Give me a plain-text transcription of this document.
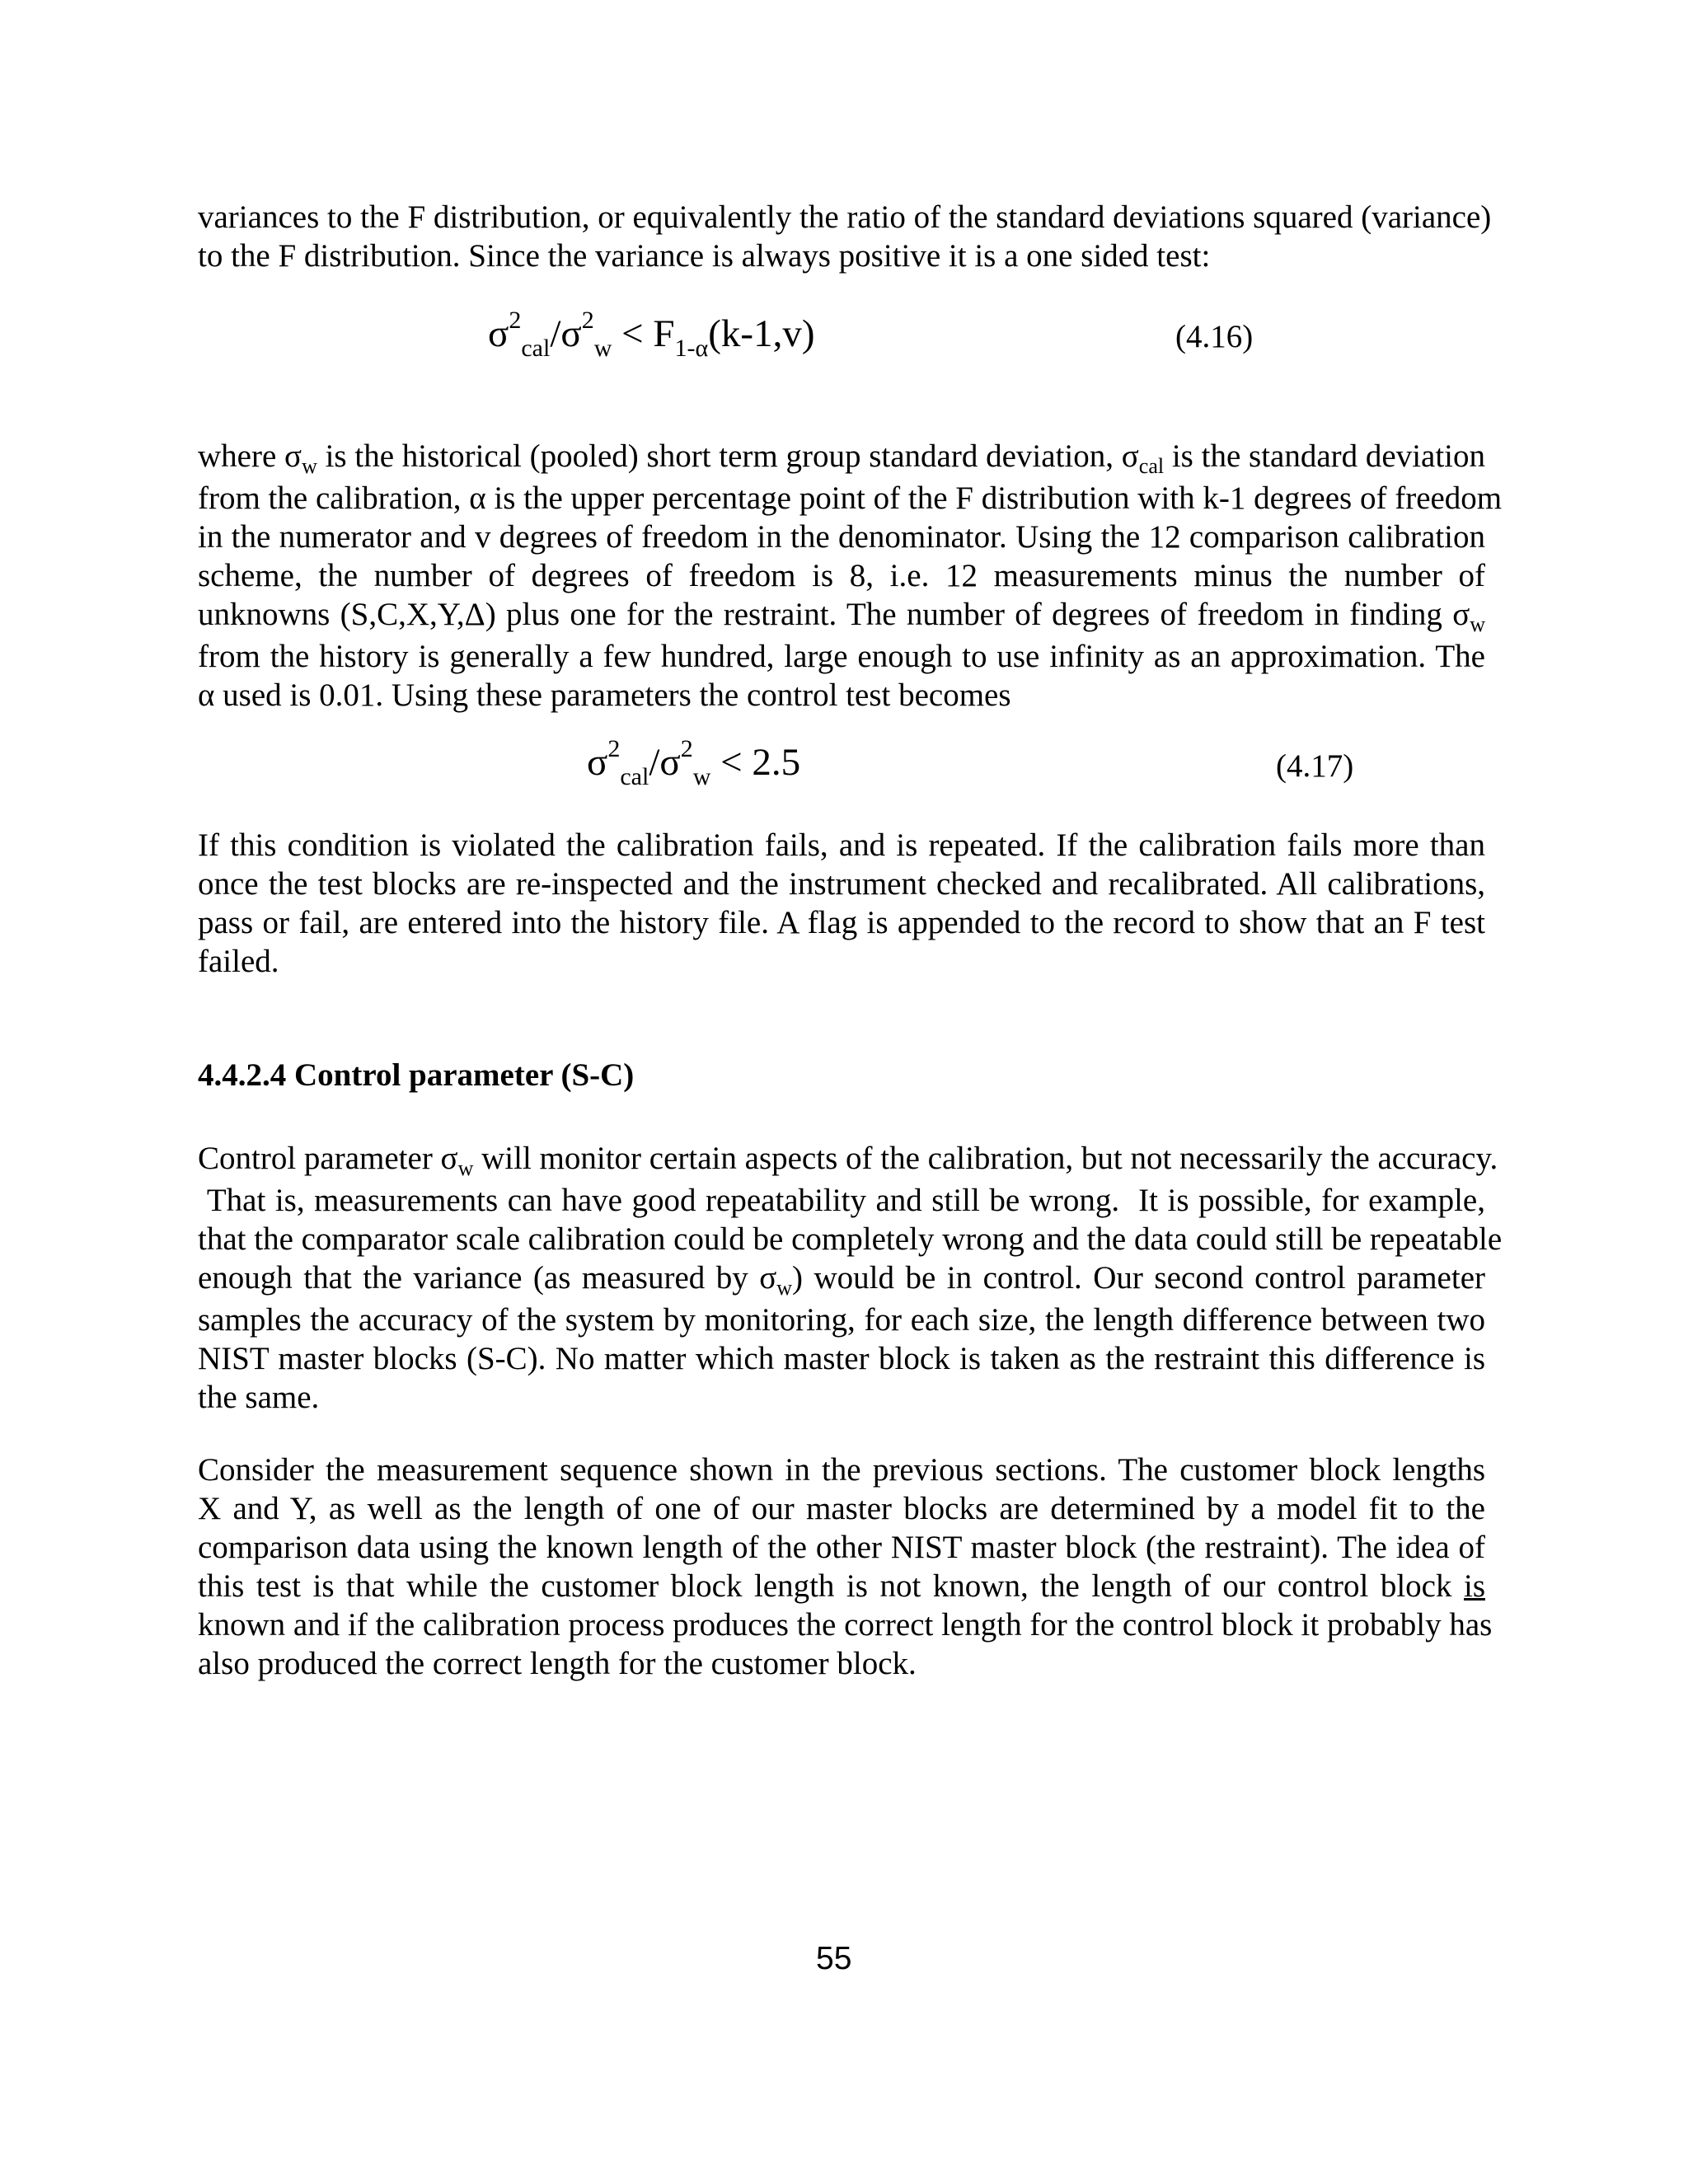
variances to the F distribution, or equivalently the ratio of the standard deviations squared (variance)
to the F distribution. Since the variance is always positive it is a one sided test:

$\sigma^2_{cal}/\sigma^2_w < F_{1-\alpha}(k-1,v)$	(4.16)

where $\sigma_w$ is the historical (pooled) short term group standard deviation, $\sigma_{cal}$ is the standard deviation
from the calibration, α is the upper percentage point of the F distribution with k-1 degrees of freedom
in the numerator and v degrees of freedom in the denominator. Using the 12 comparison calibration
scheme, the number of degrees of freedom is 8, i.e. 12 measurements minus the number of
unknowns (S,C,X,Y,Δ) plus one for the restraint. The number of degrees of freedom in finding $\sigma_w$
from the history is generally a few hundred, large enough to use infinity as an approximation. The
α used is 0.01. Using these parameters the control test becomes

$\sigma^2_{cal}/\sigma^2_w < 2.5$	(4.17)

If this condition is violated the calibration fails, and is repeated. If the calibration fails more than
once the test blocks are re-inspected and the instrument checked and recalibrated. All calibrations,
pass or fail, are entered into the history file. A flag is appended to the record to show that an F test
failed.

4.4.2.4 Control parameter (S-C)

Control parameter $\sigma_w$ will monitor certain aspects of the calibration, but not necessarily the accuracy.
That is, measurements can have good repeatability and still be wrong.  It is possible, for example,
that the comparator scale calibration could be completely wrong and the data could still be repeatable
enough that the variance (as measured by $\sigma_w$) would be in control. Our second control parameter
samples the accuracy of the system by monitoring, for each size, the length difference between two
NIST master blocks (S-C). No matter which master block is taken as the restraint this difference is
the same.

Consider the measurement sequence shown in the previous sections. The customer block lengths
X and Y, as well as the length of one of our master blocks are determined by a model fit to the
comparison data using the known length of the other NIST master block (the restraint). The idea of
this test is that while the customer block length is not known, the length of our control block is
known and if the calibration process produces the correct length for the control block it probably has
also produced the correct length for the customer block.

55
